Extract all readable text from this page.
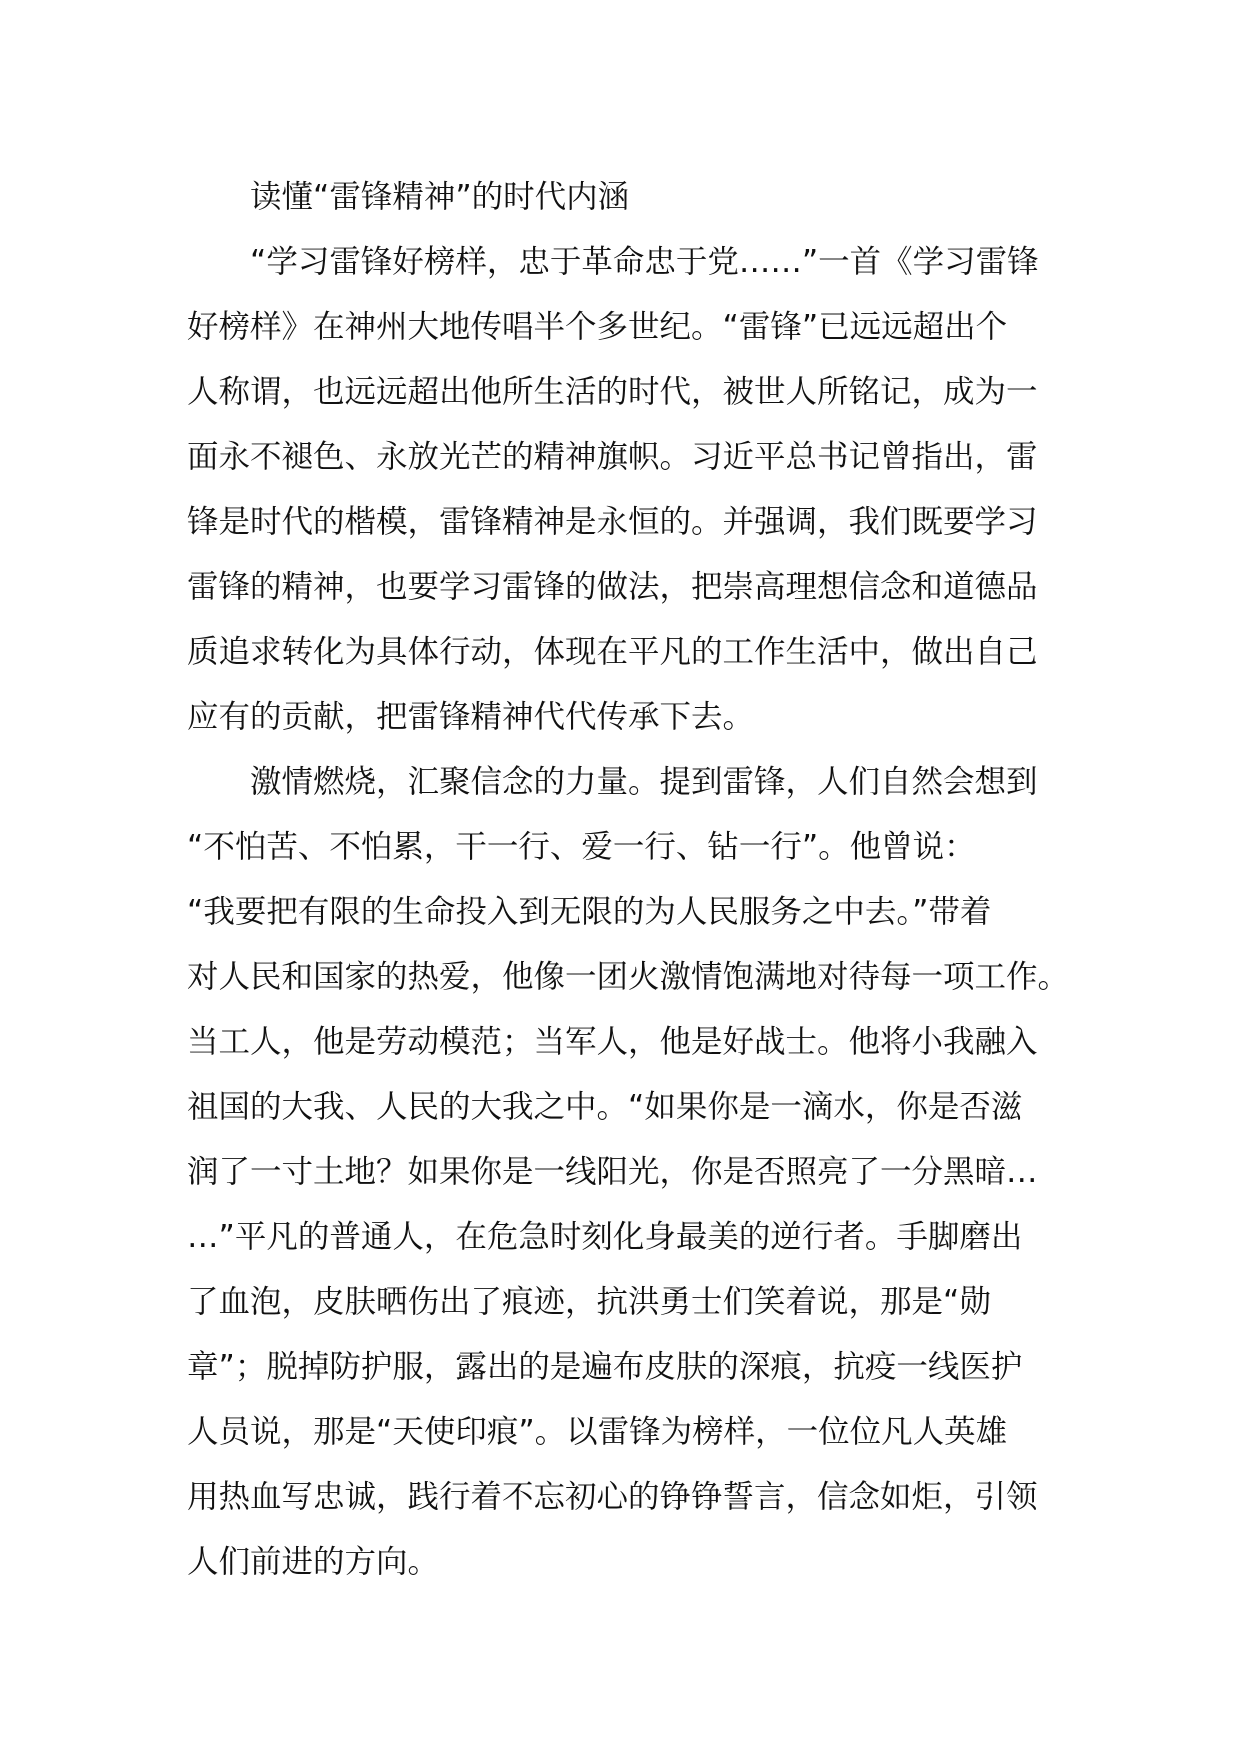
读懂“雷锋精神”的时代内涵
“学习雷锋好榜样，忠于革命忠于党……”一首《学习雷锋
好榜样》在神州大地传唱半个多世纪。“雷锋”已远远超出个
人称谓，也远远超出他所生活的时代，被世人所铭记，成为一
面永不褪色、永放光芒的精神旗帜。习近平总书记曾指出，雷
锋是时代的楷模，雷锋精神是永恒的。并强调，我们既要学习
雷锋的精神，也要学习雷锋的做法，把崇高理想信念和道德品
质追求转化为具体行动，体现在平凡的工作生活中，做出自己
应有的贡献，把雷锋精神代代传承下去。
激情燃烧，汇聚信念的力量。提到雷锋，人们自然会想到
“不怕苦、不怕累，干一行、爱一行、钻一行”。他曾说：
“我要把有限的生命投入到无限的为人民服务之中去。”带着
对人民和国家的热爱，他像一团火激情饱满地对待每一项工作。
当工人，他是劳动模范；当军人，他是好战士。他将小我融入
祖国的大我、人民的大我之中。“如果你是一滴水，你是否滋
润了一寸土地？如果你是一线阳光，你是否照亮了一分黑暗…
…”平凡的普通人，在危急时刻化身最美的逆行者。手脚磨出
了血泡，皮肤晒伤出了痕迹，抗洪勇士们笑着说，那是“勋
章”；脱掉防护服，露出的是遍布皮肤的深痕，抗疫一线医护
人员说，那是“天使印痕”。以雷锋为榜样，一位位凡人英雄
用热血写忠诚，践行着不忘初心的铮铮誓言，信念如炬，引领
人们前进的方向。
